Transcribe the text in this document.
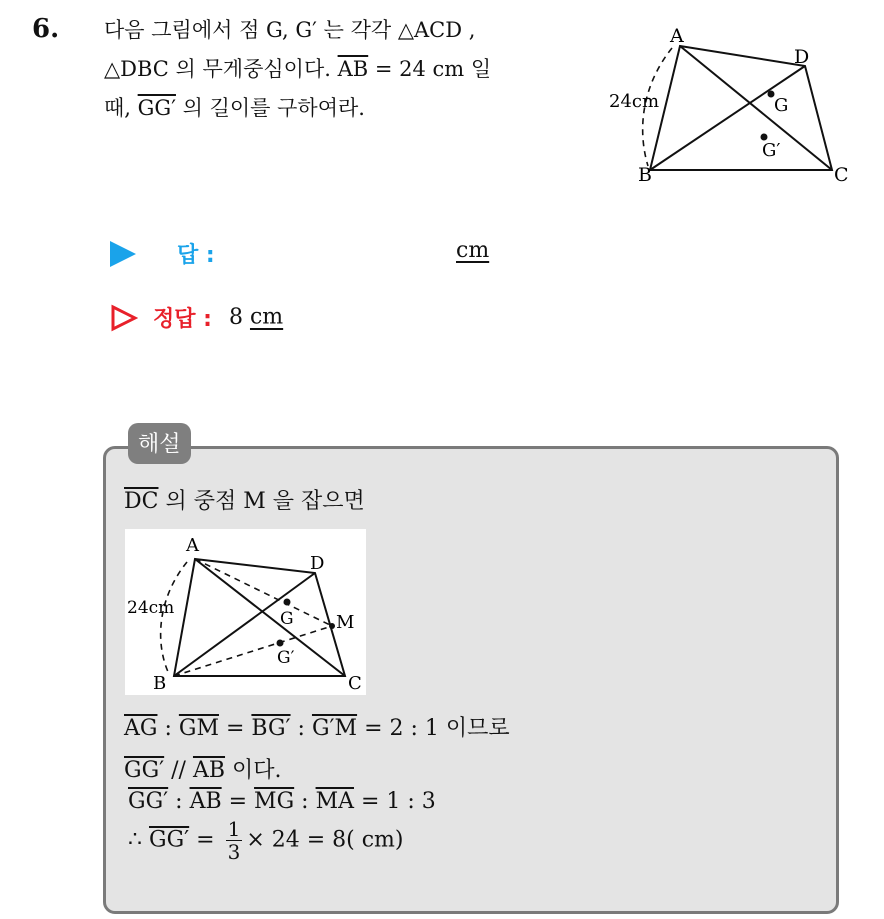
6. 다음 그림에서 점 G, G′ 는 각각 △ACD ,
△DBC 의 무게중심이다. $\overline{AB} = 24$ cm 일
때, GG′ 의 길이를 구하여라.
A
D
B	C
G
G′
24cm
답 :	cm
정답 : 8 cm
해설
$\overline{DC}$ 의 중점 M 을 잡으면
A
D
B	C
M
G
G′
24cm
$\overline{AG}$ : $\overline{GM} = BG'$ : G′M = 2 : 1 이므로
$GG' // \overline{AB}$ 이다.
GG′ : $\overline{AB} = \overline{MG}$ : $\overline{MA} = 1$ : 3
∴ $GG' = \frac{1}{3} \times 24 = 8$( cm)
